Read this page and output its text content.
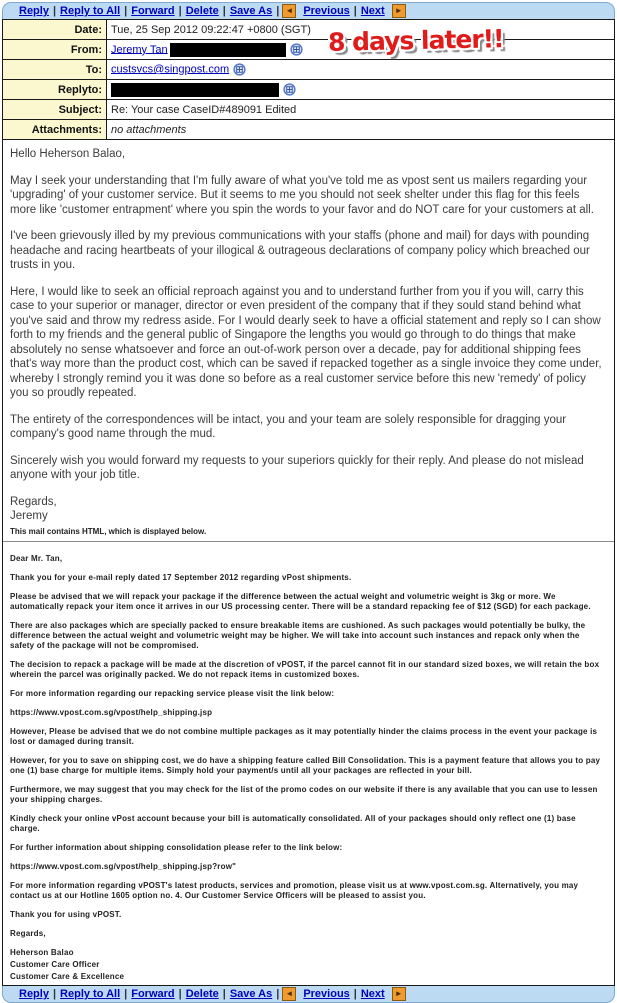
Reply | Reply to All | Forward | Delete | Save As | ◄ Previous | Next	►
8 days later!!
Date:	Tue, 25 Sep 2012 09:22:47 +0800 (SGT)
From:	Jeremy Tan
To:	custsvcs@singpost.com
Replyto:	
Subject:	Re: Your case CaseID#489091 Edited
Attachments:	no attachments

Hello Heherson Balao,

May I seek your understanding that I'm fully aware of what you've told me as vpost sent us mailers regarding your 'upgrading' of your customer service. But it seems to me you should not seek shelter under this flag for this feels more like 'customer entrapment' where you spin the words to your favor and do NOT care for your customers at all.

I've been grievously illed by my previous communications with your staffs (phone and mail) for days with pounding headache and racing heartbeats of your illogical & outrageous declarations of company policy which breached our trusts in you.

Here, I would like to seek an official reproach against you and to understand further from you if you will, carry this case to your superior or manager, director or even president of the company that if they sould stand behind what you've said and throw my redress aside. For I would dearly seek to have a official statement and reply so I can show forth to my friends and the general public of Singapore the lengths you would go through to do things that make absolutely no sense whatsoever and force an out-of-work person over a decade, pay for additional shipping fees that's way more than the product cost, which can be saved if repacked together as a single invoice they come under, whereby I strongly remind you it was done so before as a real customer service before this new 'remedy' of policy you so proudly repeated.

The entirety of the correspondences will be intact, you and your team are solely responsible for dragging your company's good name through the mud.

Sincerely wish you would forward my requests to your superiors quickly for their reply. And please do not mislead anyone with your job title.

Regards,

Jeremy

This mail contains HTML, which is displayed below.

Dear Mr. Tan,

Thank you for your e-mail reply dated 17 September 2012 regarding vPost shipments.

Please be advised that we will repack your package if the difference between the actual weight and volumetric weight is 3kg or more. We automatically repack your item once it arrives in our US processing center. There will be a standard repacking fee of $12 (SGD) for each package.

There are also packages which are specially packed to ensure breakable items are cushioned. As such packages would potentially be bulky, the difference between the actual weight and volumetric weight may be higher. We will take into account such instances and repack only when the safety of the package will not be compromised.

The decision to repack a package will be made at the discretion of vPOST, if the parcel cannot fit in our standard sized boxes, we will retain the box wherein the parcel was originally packed. We do not repack items in customized boxes.

For more information regarding our repacking service please visit the link below:

https://www.vpost.com.sg/vpost/help_shipping.jsp

However, Please be advised that we do not combine multiple packages as it may potentially hinder the claims process in the event your package is lost or damaged during transit.

However, for you to save on shipping cost, we do have a shipping feature called Bill Consolidation. This is a payment feature that allows you to pay one (1) base charge for multiple items. Simply hold your payment/s until all your packages are reflected in your bill.

Furthermore, we may suggest that you may check for the list of the promo codes on our website if there is any available that you can use to lessen your shipping charges.

Kindly check your online vPost account because your bill is automatically consolidated. All of your packages should only reflect one (1) base charge.

For further information about shipping consolidation please refer to the link below:

https://www.vpost.com.sg/vpost/help_shipping.jsp?row"

For more information regarding vPOST's latest products, services and promotion, please visit us at www.vpost.com.sg. Alternatively, you may contact us at our Hotline 1605 option no. 4. Our Customer Service Officers will be pleased to assist you.

Thank you for using vPOST.

Regards,

Heherson Balao

Customer Care Officer

Customer Care & Excellence

Reply | Reply to All | Forward | Delete | Save As | ◄ Previous | Next	►
